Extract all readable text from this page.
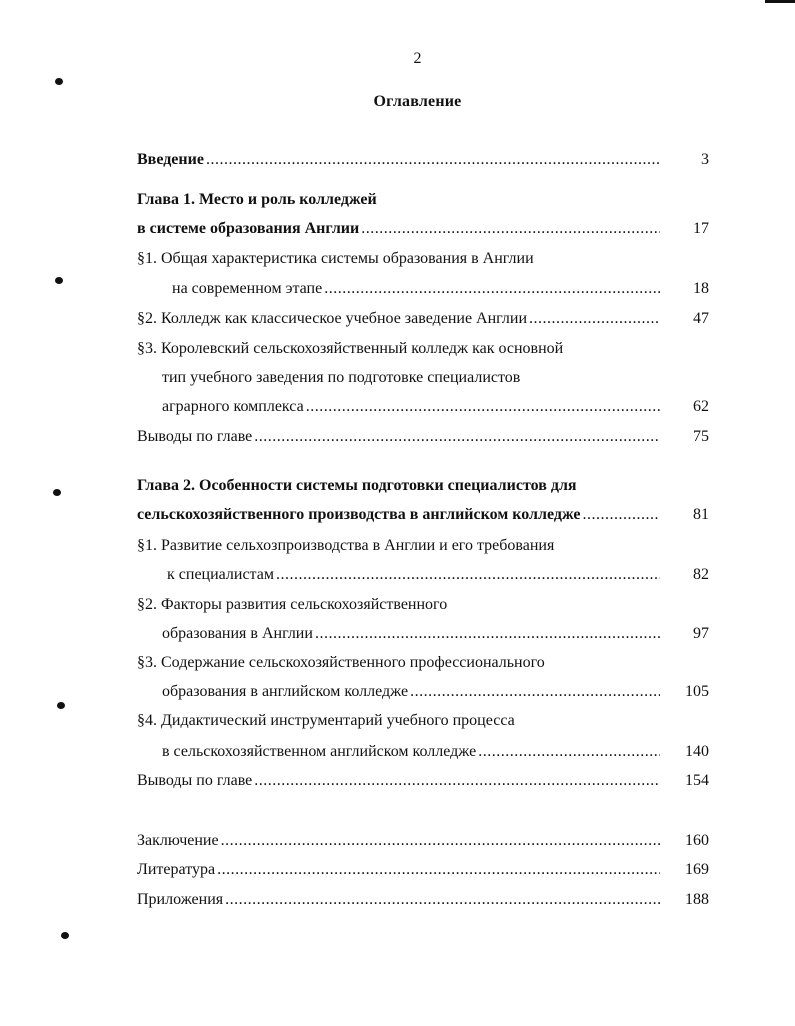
2
Оглавление
Введение .....	3
Глава 1. Место и роль колледжей
в системе образования Англии .....	17
§1. Общая характеристика системы образования в Англии
на современном этапе .....	18
§2. Колледж как классическое учебное заведение Англии .....	47
§3. Королевский сельскохозяйственный колледж как основной
тип учебного заведения по подготовке специалистов
аграрного комплекса .....	62
Выводы по главе .....	75
Глава 2. Особенности системы подготовки специалистов для
сельскохозяйственного производства в английском колледже .....	81
§1. Развитие сельхозпроизводства в Англии и его требования
к специалистам .....	82
§2. Факторы развития сельскохозяйственного
образования в Англии .....	97
§3. Содержание сельскохозяйственного профессионального
образования в английском колледже .....	105
§4. Дидактический инструментарий учебного процесса
в сельскохозяйственном английском колледже .....	140
Выводы по главе .....	154
Заключение .....	160
Литература .....	169
Приложения .....	188
